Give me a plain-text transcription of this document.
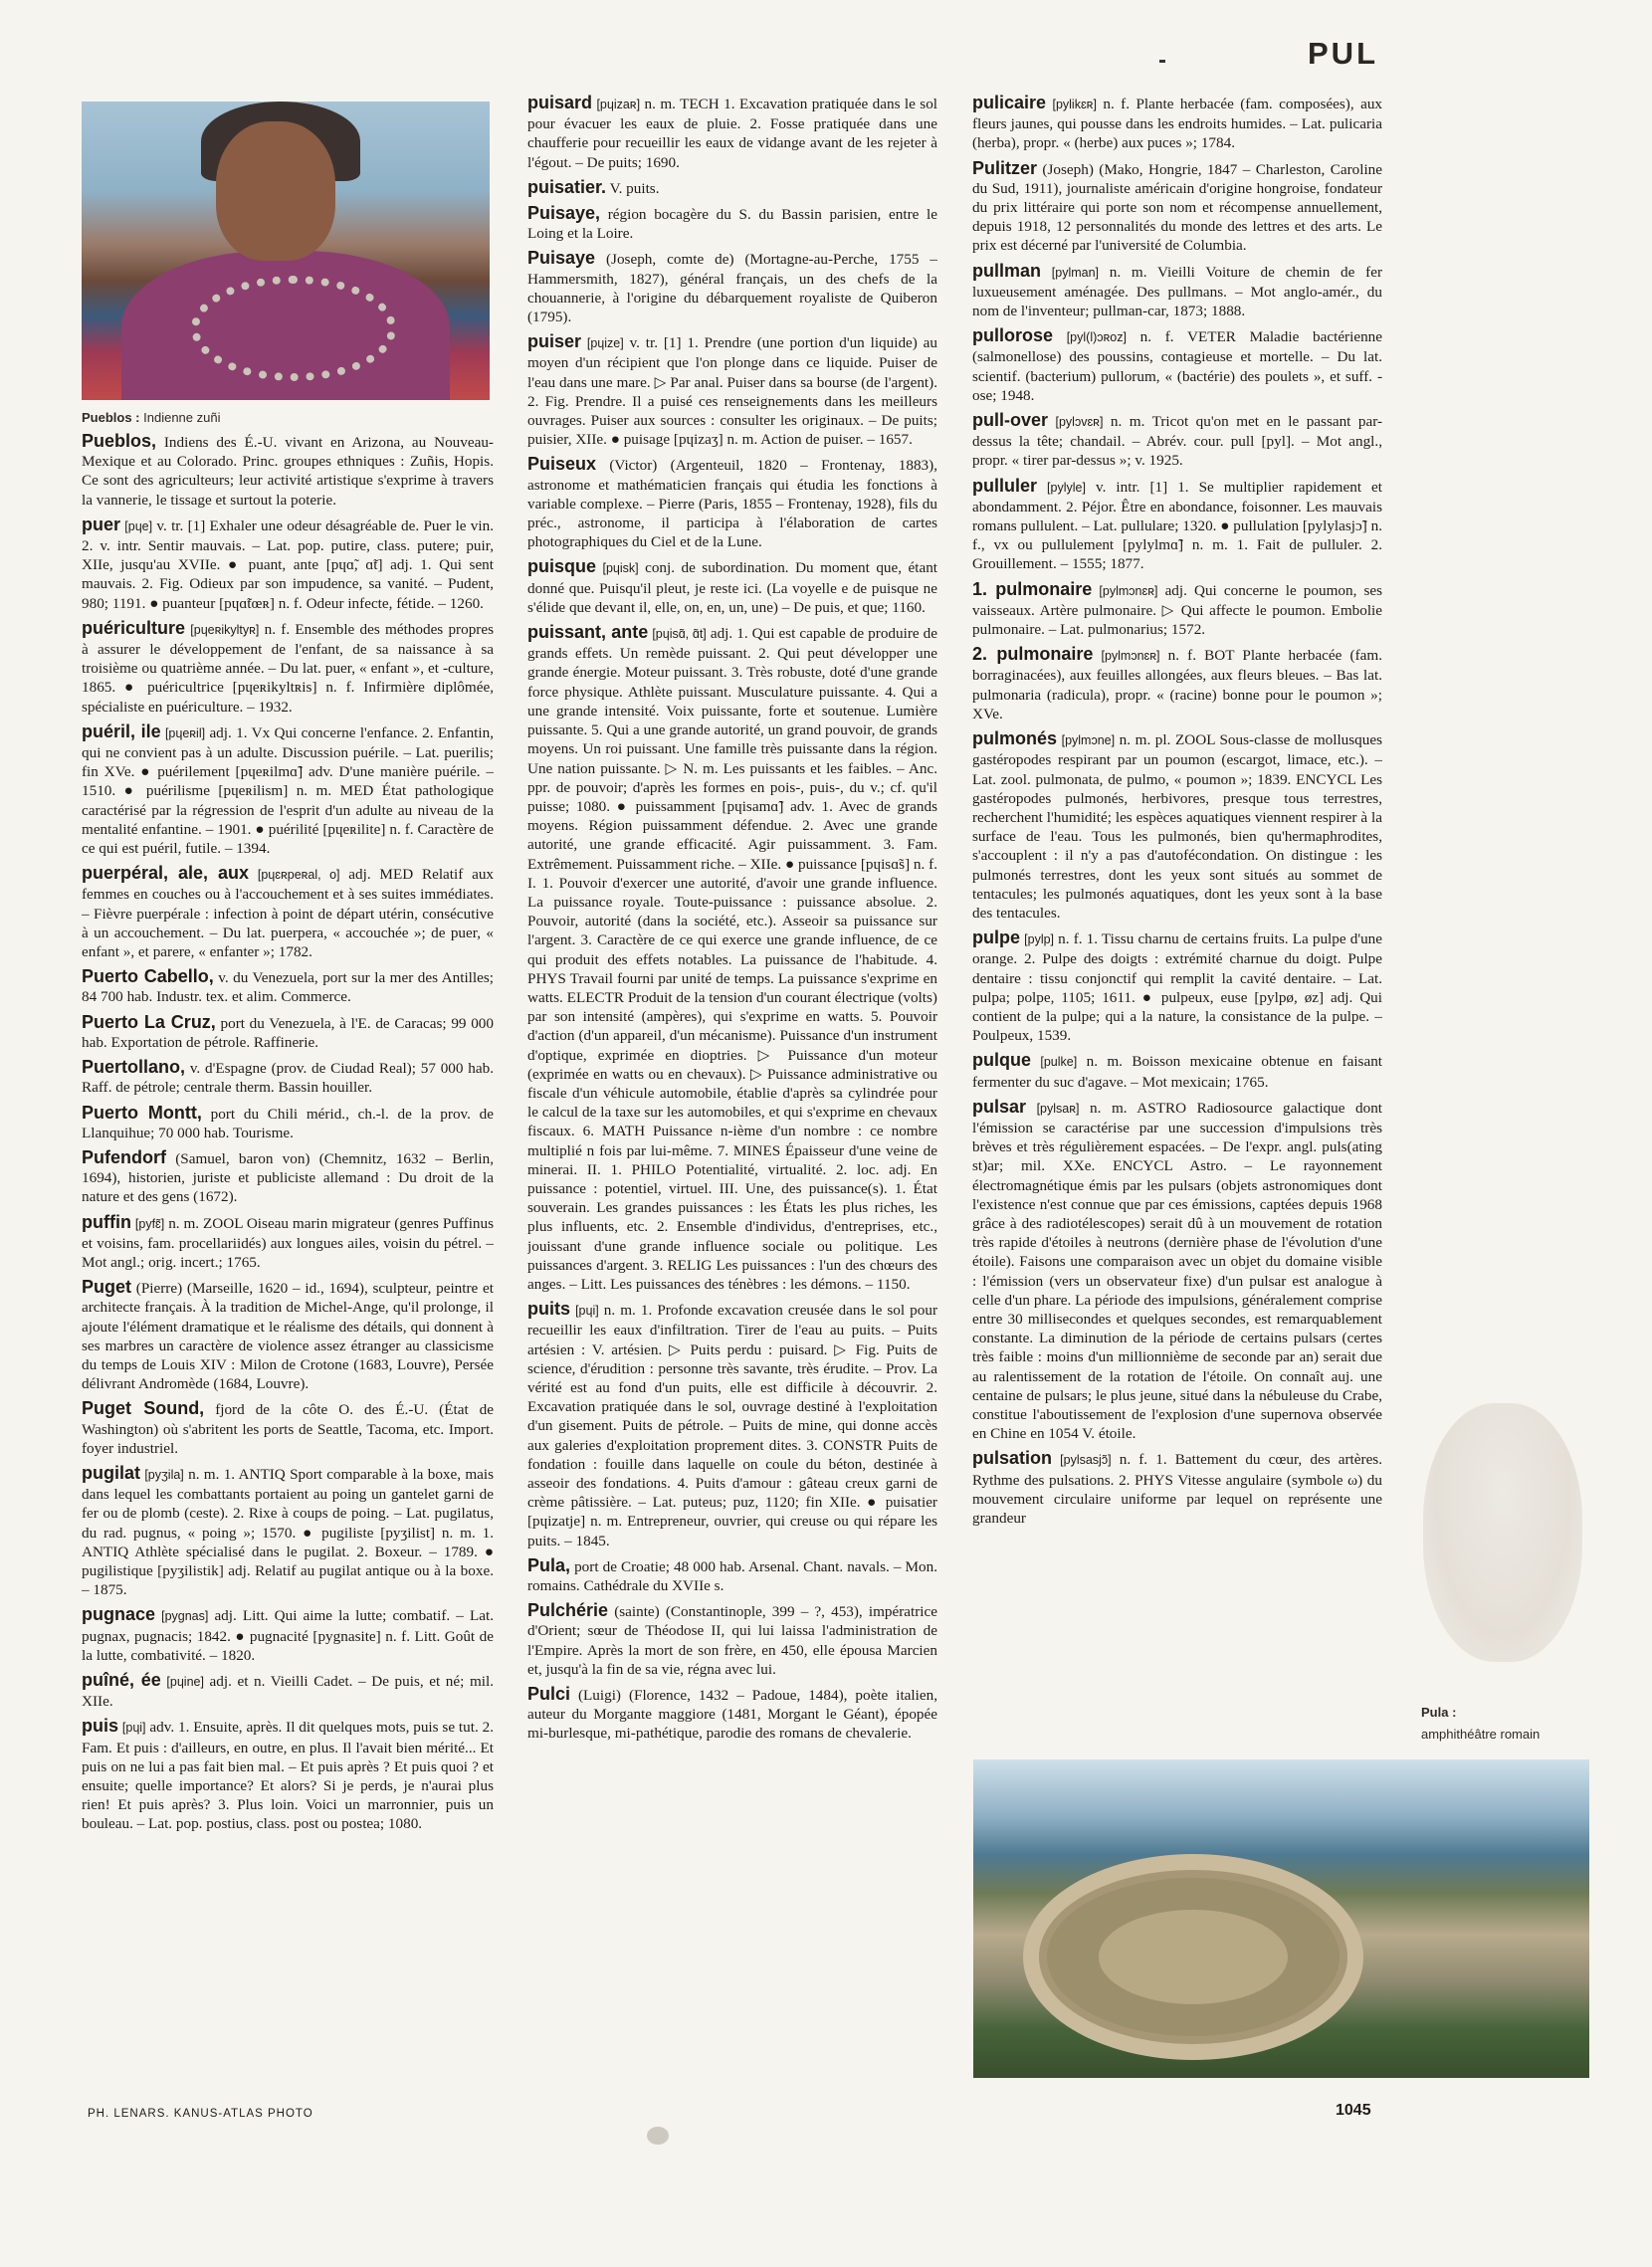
PUL
Pueblos : Indienne zuñi

Pueblos, Indiens des É.-U. vivant en Arizona, au Nouveau-Mexique et au Colorado. Princ. groupes ethniques : Zuñis, Hopis. Ce sont des agriculteurs; leur activité artistique s'exprime à travers la vannerie, le tissage et surtout la poterie.

puer [pɥe] v. tr. [1] Exhaler une odeur désagréable de. Puer le vin. 2. v. intr. Sentir mauvais. – Lat. pop. putire, class. putere; puir, XIIe, jusqu'au XVIIe. ● puant, ante [pɥɑ̃, ɑ̃t] adj. 1. Qui sent mauvais. 2. Fig. Odieux par son impudence, sa vanité. – Pudent, 980; 1191. ● puanteur [pɥɑ̃tœʀ] n. f. Odeur infecte, fétide. – 1260.

puériculture [pɥeʀikyltyʀ] n. f. Ensemble des méthodes propres à assurer le développement de l'enfant, de sa naissance à sa troisième ou quatrième année. – Du lat. puer, « enfant », et -culture, 1865. ● puéricultrice [pɥeʀikyltʀis] n. f. Infirmière diplômée, spécialiste en puériculture. – 1932.

puéril, ile [pɥeʀil] adj. 1. Vx Qui concerne l'enfance. 2. Enfantin, qui ne convient pas à un adulte. Discussion puérile. – Lat. puerilis; fin XVe. ● puérilement [pɥeʀilmɑ̃] adv. D'une manière puérile. – 1510. ● puérilisme [pɥeʀilism] n. m. MED État pathologique caractérisé par la régression de l'esprit d'un adulte au niveau de la mentalité enfantine. – 1901. ● puérilité [pɥeʀilite] n. f. Caractère de ce qui est puéril, futile. – 1394.

puerpéral, ale, aux [pɥɛʀpeʀal, o] adj. MED Relatif aux femmes en couches ou à l'accouchement et à ses suites immédiates. – Fièvre puerpérale : infection à point de départ utérin, consécutive à un accouchement. – Du lat. puerpera, « accouchée »; de puer, « enfant », et parere, « enfanter »; 1782.

Puerto Cabello, v. du Venezuela, port sur la mer des Antilles; 84 700 hab. Industr. tex. et alim. Commerce.

Puerto La Cruz, port du Venezuela, à l'E. de Caracas; 99 000 hab. Exportation de pétrole. Raffinerie.

Puertollano, v. d'Espagne (prov. de Ciudad Real); 57 000 hab. Raff. de pétrole; centrale therm. Bassin houiller.

Puerto Montt, port du Chili mérid., ch.-l. de la prov. de Llanquihue; 70 000 hab. Tourisme.

Pufendorf (Samuel, baron von) (Chemnitz, 1632 – Berlin, 1694), historien, juriste et publiciste allemand : Du droit de la nature et des gens (1672).

puffin [pyfɛ̃] n. m. ZOOL Oiseau marin migrateur (genres Puffinus et voisins, fam. procellariidés) aux longues ailes, voisin du pétrel. – Mot angl.; orig. incert.; 1765.

Puget (Pierre) (Marseille, 1620 – id., 1694), sculpteur, peintre et architecte français. À la tradition de Michel-Ange, qu'il prolonge, il ajoute l'élément dramatique et le réalisme des détails, qui donnent à ses marbres un caractère de violence assez étranger au classicisme du temps de Louis XIV : Milon de Crotone (1683, Louvre), Persée délivrant Andromède (1684, Louvre).

Puget Sound, fjord de la côte O. des É.-U. (État de Washington) où s'abritent les ports de Seattle, Tacoma, etc. Import. foyer industriel.

pugilat [pyʒila] n. m. 1. ANTIQ Sport comparable à la boxe, mais dans lequel les combattants portaient au poing un gantelet garni de fer ou de plomb (ceste). 2. Rixe à coups de poing. – Lat. pugilatus, du rad. pugnus, « poing »; 1570. ● pugiliste [pyʒilist] n. m. 1. ANTIQ Athlète spécialisé dans le pugilat. 2. Boxeur. – 1789. ● pugilistique [pyʒilistik] adj. Relatif au pugilat antique ou à la boxe. – 1875.

pugnace [pygnas] adj. Litt. Qui aime la lutte; combatif. – Lat. pugnax, pugnacis; 1842. ● pugnacité [pygnasite] n. f. Litt. Goût de la lutte, combativité. – 1820.

puîné, ée [pɥine] adj. et n. Vieilli Cadet. – De puis, et né; mil. XIIe.

puis [pɥi] adv. 1. Ensuite, après. Il dit quelques mots, puis se tut. 2. Fam. Et puis : d'ailleurs, en outre, en plus. Il l'avait bien mérité... Et puis on ne lui a pas fait bien mal. – Et puis après ? Et puis quoi ? et ensuite; quelle importance? Et alors? Si je perds, je n'aurai plus rien! Et puis après? 3. Plus loin. Voici un marronnier, puis un bouleau. – Lat. pop. postius, class. post ou postea; 1080.

puisard [pɥizaʀ] n. m. TECH 1. Excavation pratiquée dans le sol pour évacuer les eaux de pluie. 2. Fosse pratiquée dans une chaufferie pour recueillir les eaux de vidange avant de les rejeter à l'égout. – De puits; 1690.

puisatier. V. puits.

Puisaye, région bocagère du S. du Bassin parisien, entre le Loing et la Loire.

Puisaye (Joseph, comte de) (Mortagne-au-Perche, 1755 – Hammersmith, 1827), général français, un des chefs de la chouannerie, à l'origine du débarquement royaliste de Quiberon (1795).

puiser [pɥize] v. tr. [1] 1. Prendre (une portion d'un liquide) au moyen d'un récipient que l'on plonge dans ce liquide. Puiser de l'eau dans une mare. ▷ Par anal. Puiser dans sa bourse (de l'argent). 2. Fig. Prendre. Il a puisé ces renseignements dans les meilleurs ouvrages. Puiser aux sources : consulter les originaux. – De puits; puisier, XIIe. ● puisage [pɥizaʒ] n. m. Action de puiser. – 1657.

Puiseux (Victor) (Argenteuil, 1820 – Frontenay, 1883), astronome et mathématicien français qui étudia les fonctions à variable complexe. – Pierre (Paris, 1855 – Frontenay, 1928), fils du préc., astronome, il participa à l'élaboration de cartes photographiques du Ciel et de la Lune.

puisque [pɥisk] conj. de subordination. Du moment que, étant donné que. Puisqu'il pleut, je reste ici. (La voyelle e de puisque ne s'élide que devant il, elle, on, en, un, une) – De puis, et que; 1160.

puissant, ante [pɥisɑ̃, ɑ̃t] adj. 1. Qui est capable de produire de grands effets. Un remède puissant. 2. Qui peut développer une grande énergie. Moteur puissant. 3. Très robuste, doté d'une grande force physique. Athlète puissant. Musculature puissante. 4. Qui a une grande intensité. Voix puissante, forte et soutenue. Lumière puissante. 5. Qui a une grande autorité, un grand pouvoir, de grands moyens. Un roi puissant. Une famille très puissante dans la région. Une nation puissante. ▷ N. m. Les puissants et les faibles. – Anc. ppr. de pouvoir; d'après les formes en pois-, puis-, du v.; cf. qu'il puisse; 1080. ● puissamment [pɥisamɑ̃] adv. 1. Avec de grands moyens. Région puissamment défendue. 2. Avec une grande autorité, une grande efficacité. Agir puissamment. 3. Fam. Extrêmement. Puissamment riche. – XIIe. ● puissance [pɥisɑ̃s] n. f. I. 1. Pouvoir d'exercer une autorité, d'avoir une grande influence. La puissance royale. Toute-puissance : puissance absolue. 2. Pouvoir, autorité (dans la société, etc.). Asseoir sa puissance sur l'argent. 3. Caractère de ce qui exerce une grande influence, de ce qui produit des effets notables. La puissance de l'habitude. 4. PHYS Travail fourni par unité de temps. La puissance s'exprime en watts. ELECTR Produit de la tension d'un courant électrique (volts) par son intensité (ampères), qui s'exprime en watts. 5. Pouvoir d'action (d'un appareil, d'un mécanisme). Puissance d'un instrument d'optique, exprimée en dioptries. ▷ Puissance d'un moteur (exprimée en watts ou en chevaux). ▷ Puissance administrative ou fiscale d'un véhicule automobile, établie d'après sa cylindrée pour le calcul de la taxe sur les automobiles, et qui s'exprime en chevaux fiscaux. 6. MATH Puissance n-ième d'un nombre : ce nombre multiplié n fois par lui-même. 7. MINES Épaisseur d'une veine de minerai. II. 1. PHILO Potentialité, virtualité. 2. loc. adj. En puissance : potentiel, virtuel. III. Une, des puissance(s). 1. État souverain. Les grandes puissances : les États les plus riches, les plus influents, etc. 2. Ensemble d'individus, d'entreprises, etc., jouissant d'une grande influence sociale ou politique. Les puissances d'argent. 3. RELIG Les puissances : l'un des chœurs des anges. – Litt. Les puissances des ténèbres : les démons. – 1150.

puits [pɥi] n. m. 1. Profonde excavation creusée dans le sol pour recueillir les eaux d'infiltration. Tirer de l'eau au puits. – Puits artésien : V. artésien. ▷ Puits perdu : puisard. ▷ Fig. Puits de science, d'érudition : personne très savante, très érudite. – Prov. La vérité est au fond d'un puits, elle est difficile à découvrir. 2. Excavation pratiquée dans le sol, ouvrage destiné à l'exploitation d'un gisement. Puits de pétrole. – Puits de mine, qui donne accès aux galeries d'exploitation proprement dites. 3. CONSTR Puits de fondation : fouille dans laquelle on coule du béton, destinée à asseoir des fondations. 4. Puits d'amour : gâteau creux garni de crème pâtissière. – Lat. puteus; puz, 1120; fin XIIe. ● puisatier [pɥizatje] n. m. Entrepreneur, ouvrier, qui creuse ou qui répare les puits. – 1845.

Pula, port de Croatie; 48 000 hab. Arsenal. Chant. navals. – Mon. romains. Cathédrale du XVIIe s.

Pulchérie (sainte) (Constantinople, 399 – ?, 453), impératrice d'Orient; sœur de Théodose II, qui lui laissa l'administration de l'Empire. Après la mort de son frère, en 450, elle épousa Marcien et, jusqu'à la fin de sa vie, régna avec lui.

Pulci (Luigi) (Florence, 1432 – Padoue, 1484), poète italien, auteur du Morgante maggiore (1481, Morgant le Géant), épopée mi-burlesque, mi-pathétique, parodie des romans de chevalerie.

pulicaire [pylikɛʀ] n. f. Plante herbacée (fam. composées), aux fleurs jaunes, qui pousse dans les endroits humides. – Lat. pulicaria (herba), propr. « (herbe) aux puces »; 1784.

Pulitzer (Joseph) (Mako, Hongrie, 1847 – Charleston, Caroline du Sud, 1911), journaliste américain d'origine hongroise, fondateur du prix littéraire qui porte son nom et récompense annuellement, depuis 1918, 12 personnalités du monde des lettres et des arts. Le prix est décerné par l'université de Columbia.

pullman [pylman] n. m. Vieilli Voiture de chemin de fer luxueusement aménagée. Des pullmans. – Mot anglo-amér., du nom de l'inventeur; pullman-car, 1873; 1888.

pullorose [pyl(l)ɔʀoz] n. f. VETER Maladie bactérienne (salmonellose) des poussins, contagieuse et mortelle. – Du lat. scientif. (bacterium) pullorum, « (bactérie) des poulets », et suff. -ose; 1948.

pull-over [pylɔvɛʀ] n. m. Tricot qu'on met en le passant par-dessus la tête; chandail. – Abrév. cour. pull [pyl]. – Mot angl., propr. « tirer par-dessus »; v. 1925.

pulluler [pylyle] v. intr. [1] 1. Se multiplier rapidement et abondamment. 2. Péjor. Être en abondance, foisonner. Les mauvais romans pullulent. – Lat. pullulare; 1320. ● pullulation [pylylasjɔ̃] n. f., vx ou pullulement [pylylmɑ̃] n. m. 1. Fait de pulluler. 2. Grouillement. – 1555; 1877.

1. pulmonaire [pylmɔnɛʀ] adj. Qui concerne le poumon, ses vaisseaux. Artère pulmonaire. ▷ Qui affecte le poumon. Embolie pulmonaire. – Lat. pulmonarius; 1572.

2. pulmonaire [pylmɔnɛʀ] n. f. BOT Plante herbacée (fam. borraginacées), aux feuilles allongées, aux fleurs bleues. – Bas lat. pulmonaria (radicula), propr. « (racine) bonne pour le poumon »; XVe.

pulmonés [pylmɔne] n. m. pl. ZOOL Sous-classe de mollusques gastéropodes respirant par un poumon (escargot, limace, etc.). – Lat. zool. pulmonata, de pulmo, « poumon »; 1839. ENCYCL Les gastéropodes pulmonés, herbivores, presque tous terrestres, recherchent l'humidité; les espèces aquatiques viennent respirer à la surface de l'eau. Tous les pulmonés, bien qu'hermaphrodites, s'accouplent : il n'y a pas d'autofécondation. On distingue : les pulmonés terrestres, dont les yeux sont situés au sommet de tentacules; les pulmonés aquatiques, dont les yeux sont à la base des tentacules.

pulpe [pylp] n. f. 1. Tissu charnu de certains fruits. La pulpe d'une orange. 2. Pulpe des doigts : extrémité charnue du doigt. Pulpe dentaire : tissu conjonctif qui remplit la cavité dentaire. – Lat. pulpa; polpe, 1105; 1611. ● pulpeux, euse [pylpø, øz] adj. Qui contient de la pulpe; qui a la nature, la consistance de la pulpe. – Poulpeux, 1539.

pulque [pulke] n. m. Boisson mexicaine obtenue en faisant fermenter du suc d'agave. – Mot mexicain; 1765.

pulsar [pylsaʀ] n. m. ASTRO Radiosource galactique dont l'émission se caractérise par une succession d'impulsions très brèves et très régulièrement espacées. – De l'expr. angl. puls(ating st)ar; mil. XXe. ENCYCL Astro. – Le rayonnement électromagnétique émis par les pulsars (objets astronomiques dont l'existence n'est connue que par ces émissions, captées depuis 1968 grâce à des radiotélescopes) serait dû à un mouvement de rotation très rapide d'étoiles à neutrons (dernière phase de l'évolution d'une étoile). Faisons une comparaison avec un objet du domaine visible : l'émission (vers un observateur fixe) d'un pulsar est analogue à celle d'un phare. La période des impulsions, généralement comprise entre 30 millisecondes et quelques secondes, est remarquablement constante. La diminution de la période de certains pulsars (certes très faible : moins d'un millionnième de seconde par an) serait due au ralentissement de la rotation de l'étoile. On connaît auj. une centaine de pulsars; le plus jeune, situé dans la nébuleuse du Crabe, constitue l'aboutissement de l'explosion d'une supernova observée en Chine en 1054 V. étoile.

pulsation [pylsasjɔ̃] n. f. 1. Battement du cœur, des artères. Rythme des pulsations. 2. PHYS Vitesse angulaire (symbole ω) du mouvement circulaire uniforme par lequel on représente une grandeur

Pula :
amphithéâtre romain
PH. LENARS. KANUS-ATLAS PHOTO	1045
